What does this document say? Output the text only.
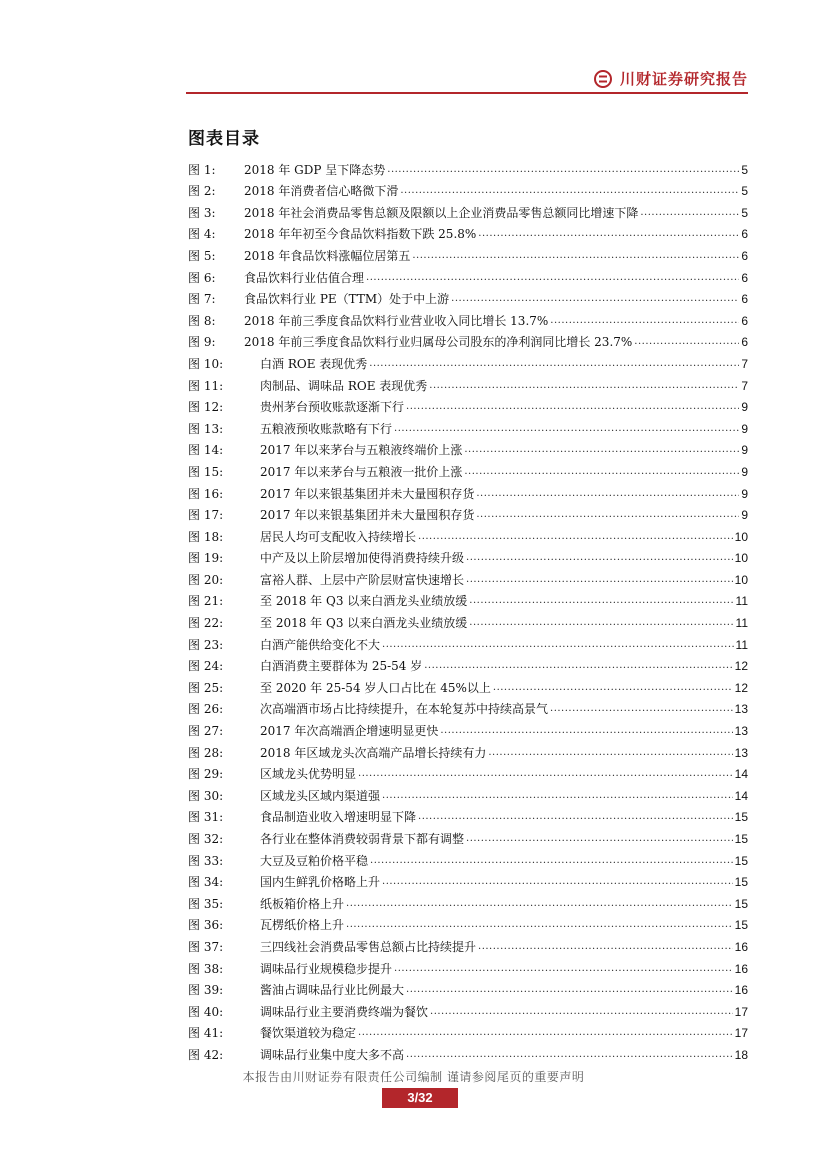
川财证券研究报告
图表目录
图 1:	2018 年 GDP 呈下降态势 .....	5
图 2:	2018 年消费者信心略微下滑 .....	5
图 3:	2018 年社会消费品零售总额及限额以上企业消费品零售总额同比增速下降 .....	5
图 4:	2018 年年初至今食品饮料指数下跌 25.8% .....	6
图 5:	2018 年食品饮料涨幅位居第五 .....	6
图 6:	食品饮料行业估值合理 .....	6
图 7:	食品饮料行业 PE（TTM）处于中上游 .....	6
图 8:	2018 年前三季度食品饮料行业营业收入同比增长 13.7% .....	6
图 9:	2018 年前三季度食品饮料行业归属母公司股东的净利润同比增长 23.7% .....	6
图 10:	白酒 ROE 表现优秀 .....	7
图 11:	肉制品、调味品 ROE 表现优秀 .....	7
图 12:	贵州茅台预收账款逐渐下行 .....	9
图 13:	五粮液预收账款略有下行 .....	9
图 14:	2017 年以来茅台与五粮液终端价上涨 .....	9
图 15:	2017 年以来茅台与五粮液一批价上涨 .....	9
图 16:	2017 年以来银基集团并未大量囤积存货 .....	9
图 17:	2017 年以来银基集团并未大量囤积存货 .....	9
图 18:	居民人均可支配收入持续增长 .....	10
图 19:	中产及以上阶层增加使得消费持续升级 .....	10
图 20:	富裕人群、上层中产阶层财富快速增长 .....	10
图 21:	至 2018 年 Q3 以来白酒龙头业绩放缓 .....	11
图 22:	至 2018 年 Q3 以来白酒龙头业绩放缓 .....	11
图 23:	白酒产能供给变化不大 .....	11
图 24:	白酒消费主要群体为 25-54 岁 .....	12
图 25:	至 2020 年 25-54 岁人口占比在 45%以上 .....	12
图 26:	次高端酒市场占比持续提升，在本轮复苏中持续高景气 .....	13
图 27:	2017 年次高端酒企增速明显更快 .....	13
图 28:	2018 年区域龙头次高端产品增长持续有力 .....	13
图 29:	区域龙头优势明显 .....	14
图 30:	区域龙头区域内渠道强 .....	14
图 31:	食品制造业收入增速明显下降 .....	15
图 32:	各行业在整体消费较弱背景下都有调整 .....	15
图 33:	大豆及豆粕价格平稳 .....	15
图 34:	国内生鲜乳价格略上升 .....	15
图 35:	纸板箱价格上升 .....	15
图 36:	瓦楞纸价格上升 .....	15
图 37:	三四线社会消费品零售总额占比持续提升 .....	16
图 38:	调味品行业规模稳步提升 .....	16
图 39:	酱油占调味品行业比例最大 .....	16
图 40:	调味品行业主要消费终端为餐饮 .....	17
图 41:	餐饮渠道较为稳定 .....	17
图 42:	调味品行业集中度大多不高 .....	18
本报告由川财证券有限责任公司编制 谨请参阅尾页的重要声明
3/32
